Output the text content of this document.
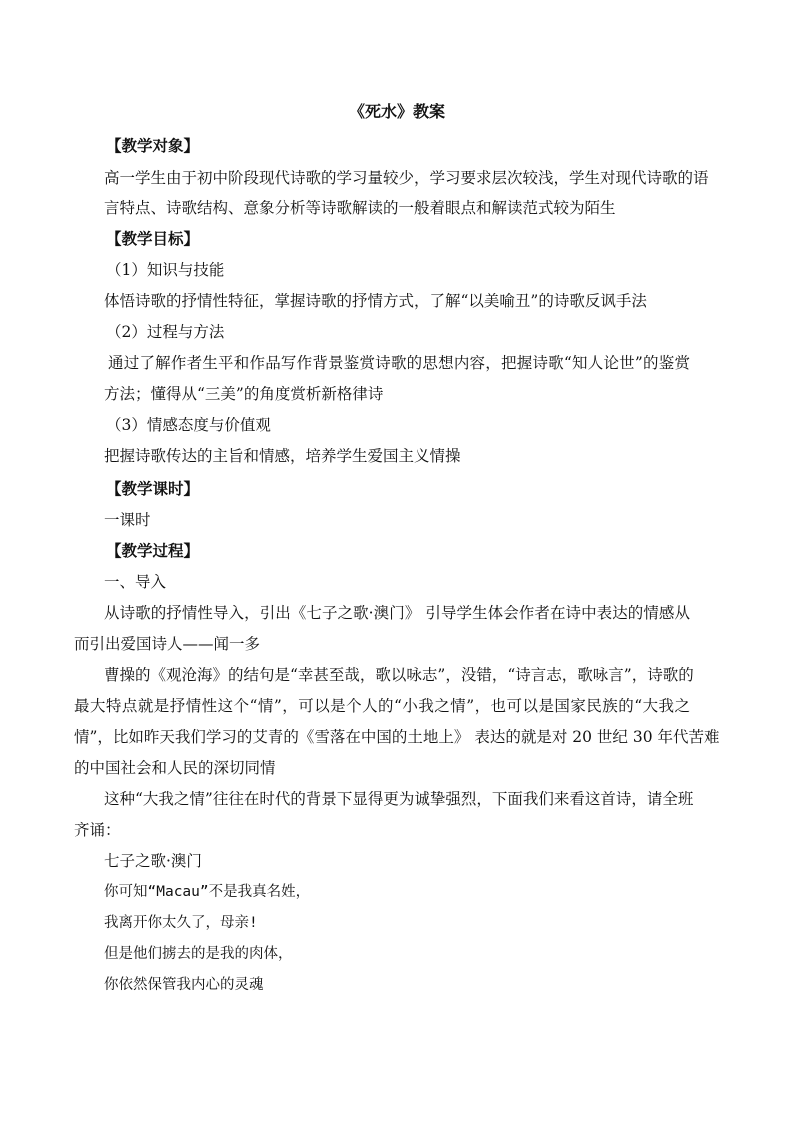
《死水》教案
【教学对象】
高一学生由于初中阶段现代诗歌的学习量较少，学习要求层次较浅，学生对现代诗歌的语
言特点、诗歌结构、意象分析等诗歌解读的一般着眼点和解读范式较为陌生
【教学目标】
（1）知识与技能
体悟诗歌的抒情性特征，掌握诗歌的抒情方式，了解“以美喻丑”的诗歌反讽手法
（2）过程与方法
通过了解作者生平和作品写作背景鉴赏诗歌的思想内容，把握诗歌“知人论世”的鉴赏
方法；懂得从“三美”的角度赏析新格律诗
（3）情感态度与价值观
把握诗歌传达的主旨和情感，培养学生爱国主义情操
【教学课时】
一课时
【教学过程】
一、导入
从诗歌的抒情性导入，引出《七子之歌·澳门》 引导学生体会作者在诗中表达的情感从
而引出爱国诗人——闻一多
曹操的《观沧海》的结句是“幸甚至哉，歌以咏志”，没错，“诗言志，歌咏言”，诗歌的
最大特点就是抒情性这个“情”，可以是个人的“小我之情”，也可以是国家民族的“大我之
情”，比如昨天我们学习的艾青的《雪落在中国的土地上》 表达的就是对 20 世纪 30 年代苦难
的中国社会和人民的深切同情
这种“大我之情”往往在时代的背景下显得更为诚挚强烈，下面我们来看这首诗，请全班
齐诵：
七子之歌·澳门
你可知“Macau”不是我真名姓，
我离开你太久了，母亲!
但是他们掳去的是我的肉体，
你依然保管我内心的灵魂
